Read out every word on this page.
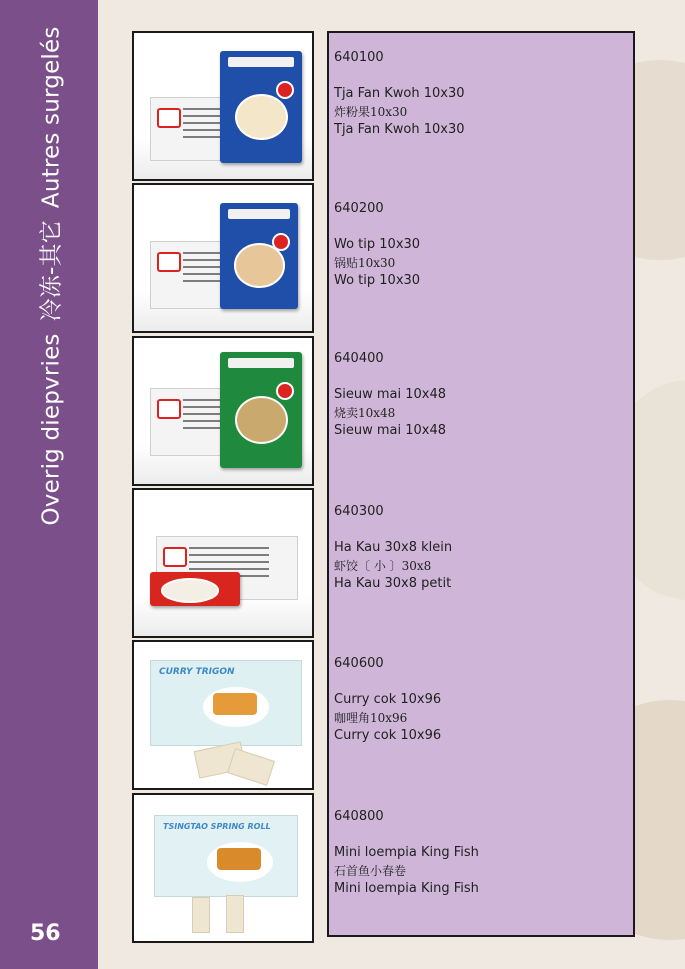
Overig diepvries冷冻-其它Autres surgelés
56
CURRY TRIGON
TSINGTAO SPRING ROLL
640100
Tja Fan Kwoh 10x30
炸粉果10x30
Tja Fan Kwoh 10x30
640200
Wo tip 10x30
锅贴10x30
Wo tip 10x30
640400
Sieuw mai 10x48
烧卖10x48
Sieuw mai 10x48
640300
Ha Kau 30x8 klein
虾饺〔 小 〕30x8
Ha Kau 30x8 petit
640600
Curry cok 10x96
咖哩角10x96
Curry cok 10x96
640800
Mini loempia King Fish
石首鱼小春卷
Mini loempia King Fish
